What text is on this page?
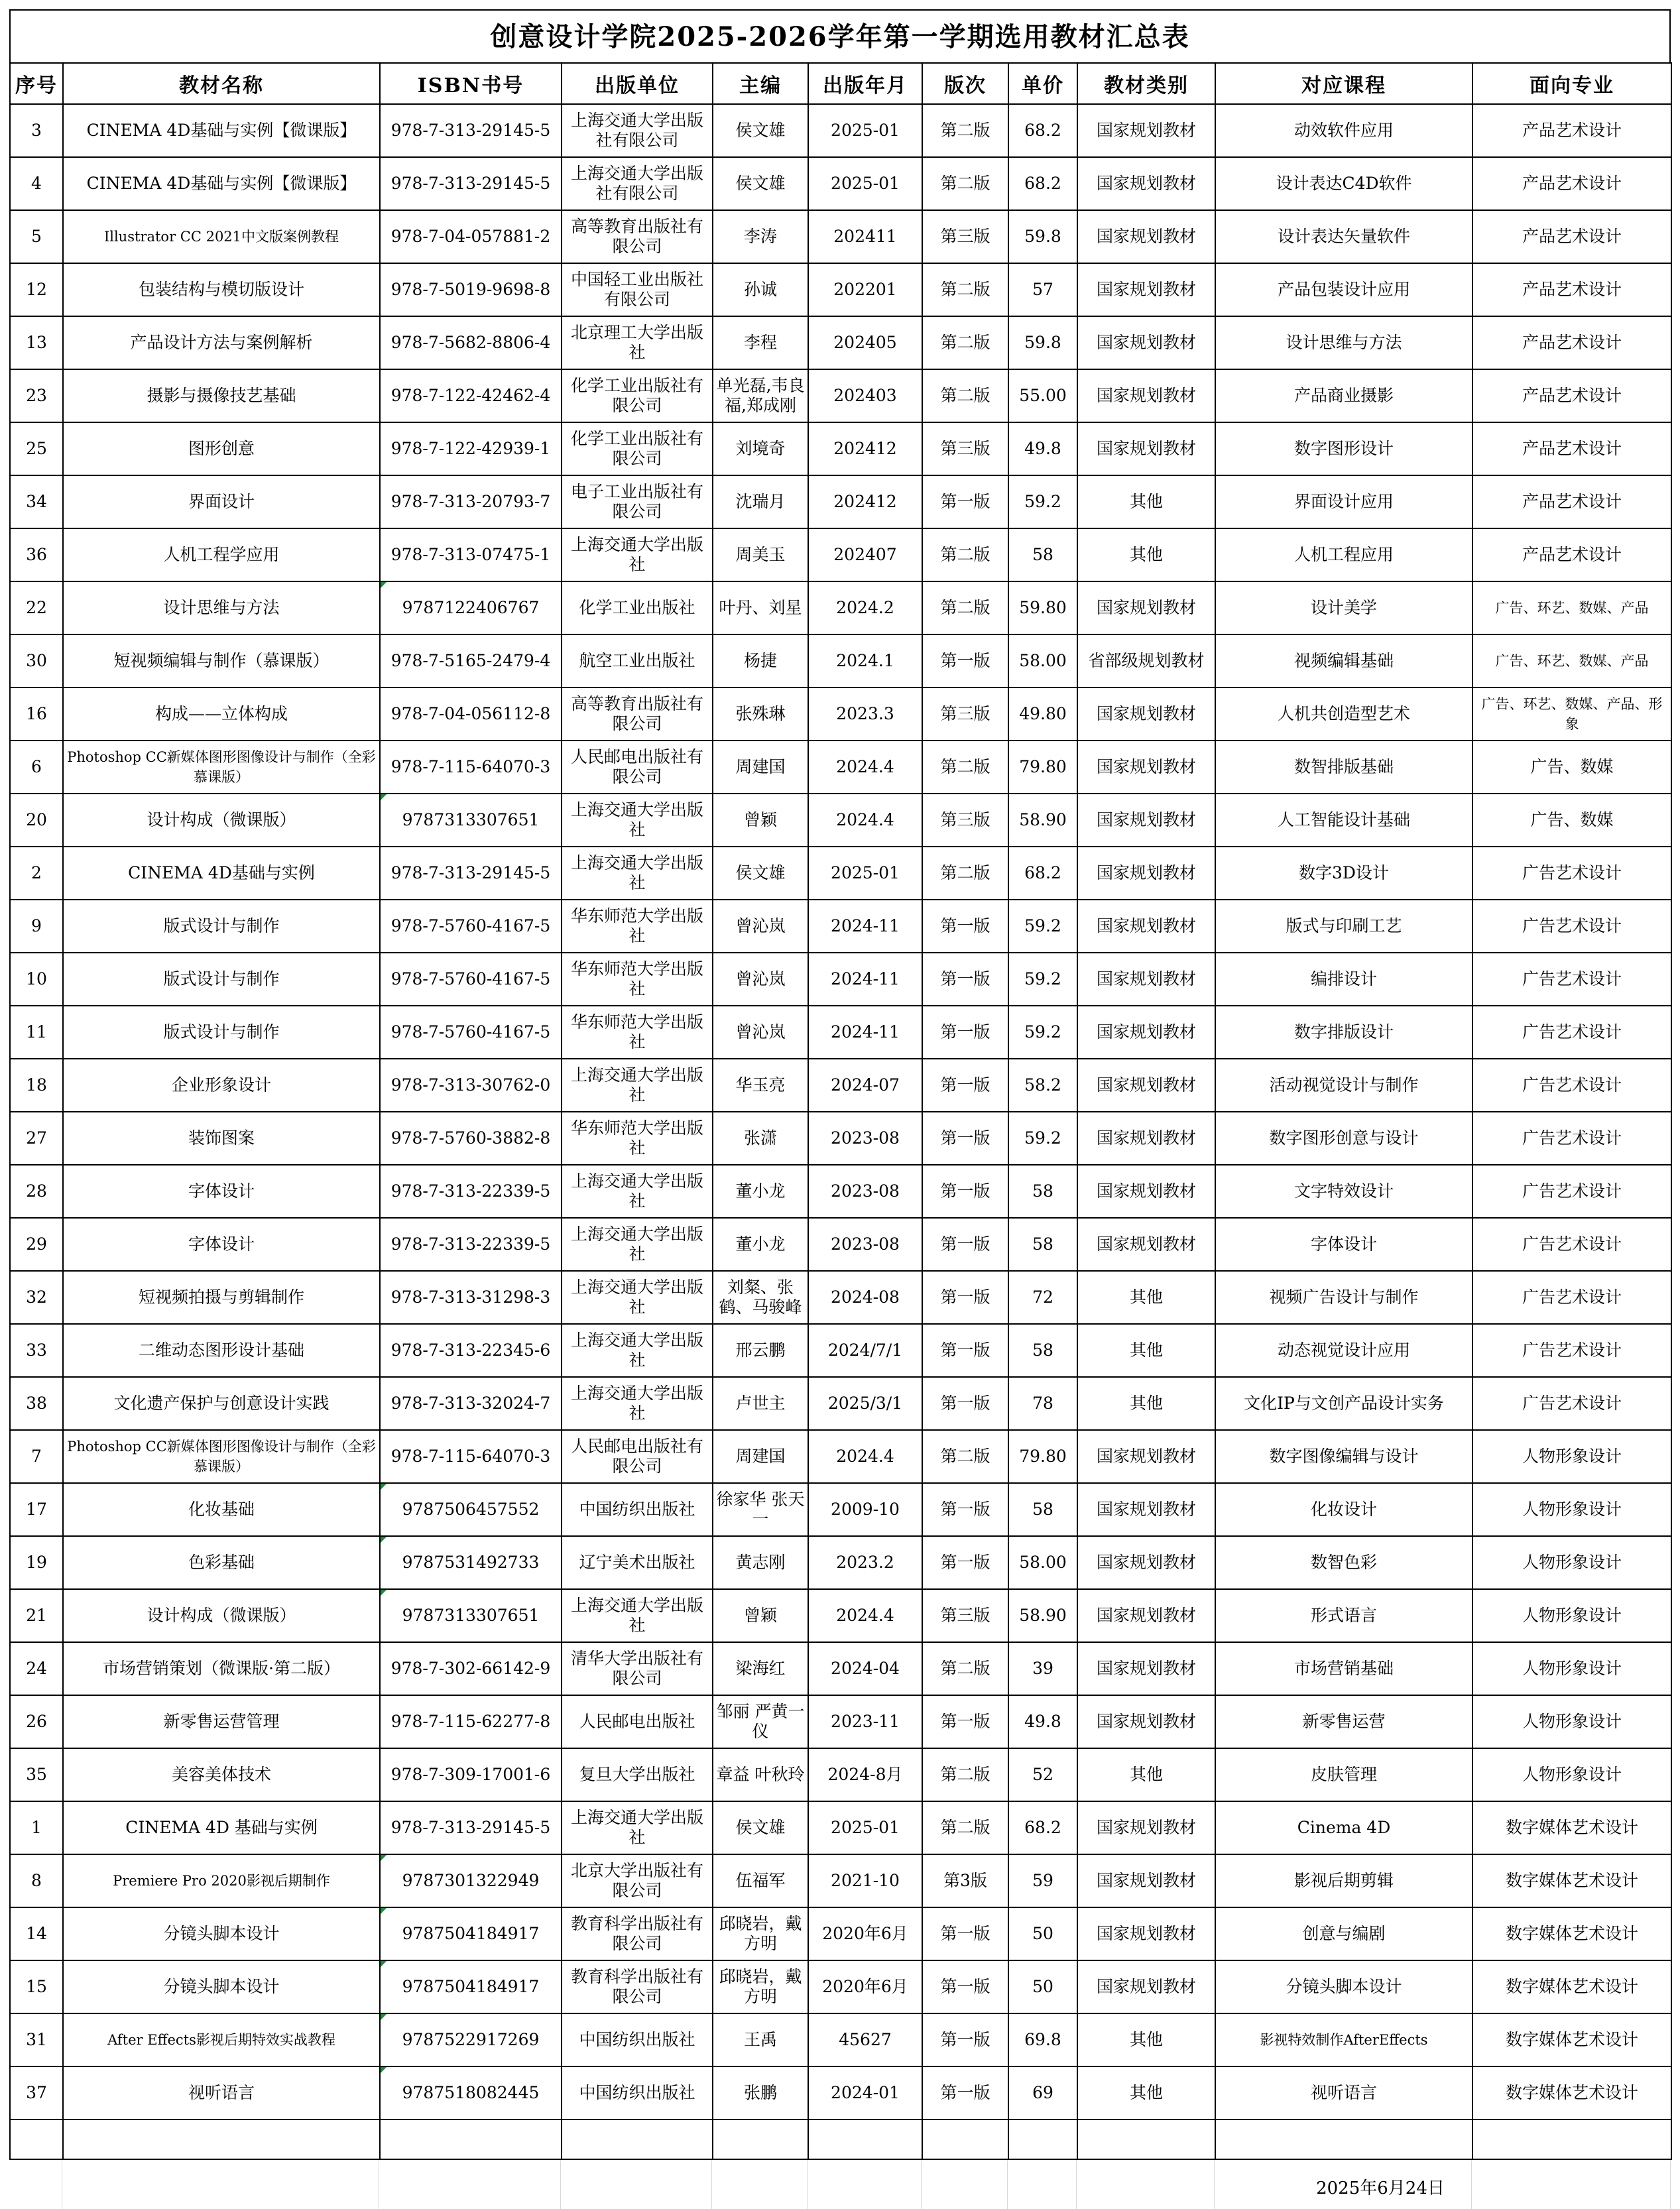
创意设计学院2025-2026学年第一学期选用教材汇总表
序号	教材名称	ISBN书号	出版单位	主编	出版年月	版次	单价	教材类别	对应课程	面向专业
3	CINEMA 4D基础与实例【微课版】	978-7-313-29145-5	上海交通大学出版社有限公司	侯文雄	2025-01	第二版	68.2	国家规划教材	动效软件应用	产品艺术设计
4	CINEMA 4D基础与实例【微课版】	978-7-313-29145-5	上海交通大学出版社有限公司	侯文雄	2025-01	第二版	68.2	国家规划教材	设计表达C4D软件	产品艺术设计
5	Illustrator CC 2021中文版案例教程	978-7-04-057881-2	高等教育出版社有限公司	李涛	202411	第三版	59.8	国家规划教材	设计表达矢量软件	产品艺术设计
12	包装结构与模切版设计	978-7-5019-9698-8	中国轻工业出版社有限公司	孙诚	202201	第二版	57	国家规划教材	产品包装设计应用	产品艺术设计
13	产品设计方法与案例解析	978-7-5682-8806-4	北京理工大学出版社	李程	202405	第二版	59.8	国家规划教材	设计思维与方法	产品艺术设计
23	摄影与摄像技艺基础	978-7-122-42462-4	化学工业出版社有限公司	单光磊,韦良福,郑成刚	202403	第二版	55.00	国家规划教材	产品商业摄影	产品艺术设计
25	图形创意	978-7-122-42939-1	化学工业出版社有限公司	刘境奇	202412	第三版	49.8	国家规划教材	数字图形设计	产品艺术设计
34	界面设计	978-7-313-20793-7	电子工业出版社有限公司	沈瑞月	202412	第一版	59.2	其他	界面设计应用	产品艺术设计
36	人机工程学应用	978-7-313-07475-1	上海交通大学出版社	周美玉	202407	第二版	58	其他	人机工程应用	产品艺术设计
22	设计思维与方法	9787122406767	化学工业出版社	叶丹、刘星	2024.2	第二版	59.80	国家规划教材	设计美学	广告、环艺、数媒、产品
30	短视频编辑与制作（慕课版）	978-7-5165-2479-4	航空工业出版社	杨捷	2024.1	第一版	58.00	省部级规划教材	视频编辑基础	广告、环艺、数媒、产品
16	构成——立体构成	978-7-04-056112-8	高等教育出版社有限公司	张殊琳	2023.3	第三版	49.80	国家规划教材	人机共创造型艺术	广告、环艺、数媒、产品、形象
6	Photoshop CC新媒体图形图像设计与制作（全彩慕课版）	978-7-115-64070-3	人民邮电出版社有限公司	周建国	2024.4	第二版	79.80	国家规划教材	数智排版基础	广告、数媒
20	设计构成（微课版）	9787313307651	上海交通大学出版社	曾颖	2024.4	第三版	58.90	国家规划教材	人工智能设计基础	广告、数媒
2	CINEMA 4D基础与实例	978-7-313-29145-5	上海交通大学出版社	侯文雄	2025-01	第二版	68.2	国家规划教材	数字3D设计	广告艺术设计
9	版式设计与制作	978-7-5760-4167-5	华东师范大学出版社	曾沁岚	2024-11	第一版	59.2	国家规划教材	版式与印刷工艺	广告艺术设计
10	版式设计与制作	978-7-5760-4167-5	华东师范大学出版社	曾沁岚	2024-11	第一版	59.2	国家规划教材	编排设计	广告艺术设计
11	版式设计与制作	978-7-5760-4167-5	华东师范大学出版社	曾沁岚	2024-11	第一版	59.2	国家规划教材	数字排版设计	广告艺术设计
18	企业形象设计	978-7-313-30762-0	上海交通大学出版社	华玉亮	2024-07	第一版	58.2	国家规划教材	活动视觉设计与制作	广告艺术设计
27	装饰图案	978-7-5760-3882-8	华东师范大学出版社	张潇	2023-08	第一版	59.2	国家规划教材	数字图形创意与设计	广告艺术设计
28	字体设计	978-7-313-22339-5	上海交通大学出版社	董小龙	2023-08	第一版	58	国家规划教材	文字特效设计	广告艺术设计
29	字体设计	978-7-313-22339-5	上海交通大学出版社	董小龙	2023-08	第一版	58	国家规划教材	字体设计	广告艺术设计
32	短视频拍摄与剪辑制作	978-7-313-31298-3	上海交通大学出版社	刘粲、张鹤、马骏峰	2024-08	第一版	72	其他	视频广告设计与制作	广告艺术设计
33	二维动态图形设计基础	978-7-313-22345-6	上海交通大学出版社	邢云鹏	2024/7/1	第一版	58	其他	动态视觉设计应用	广告艺术设计
38	文化遗产保护与创意设计实践	978-7-313-32024-7	上海交通大学出版社	卢世主	2025/3/1	第一版	78	其他	文化IP与文创产品设计实务	广告艺术设计
7	Photoshop CC新媒体图形图像设计与制作（全彩慕课版）	978-7-115-64070-3	人民邮电出版社有限公司	周建国	2024.4	第二版	79.80	国家规划教材	数字图像编辑与设计	人物形象设计
17	化妆基础	9787506457552	中国纺织出版社	徐家华 张天一	2009-10	第一版	58	国家规划教材	化妆设计	人物形象设计
19	色彩基础	9787531492733	辽宁美术出版社	黄志刚	2023.2	第一版	58.00	国家规划教材	数智色彩	人物形象设计
21	设计构成（微课版）	9787313307651	上海交通大学出版社	曾颖	2024.4	第三版	58.90	国家规划教材	形式语言	人物形象设计
24	市场营销策划（微课版·第二版）	978-7-302-66142-9	清华大学出版社有限公司	梁海红	2024-04	第二版	39	国家规划教材	市场营销基础	人物形象设计
26	新零售运营管理	978-7-115-62277-8	人民邮电出版社	邹丽 严黄一仪	2023-11	第一版	49.8	国家规划教材	新零售运营	人物形象设计
35	美容美体技术	978-7-309-17001-6	复旦大学出版社	章益 叶秋玲	2024-8月	第二版	52	其他	皮肤管理	人物形象设计
1	CINEMA 4D 基础与实例	978-7-313-29145-5	上海交通大学出版社	侯文雄	2025-01	第二版	68.2	国家规划教材	Cinema 4D	数字媒体艺术设计
8	Premiere Pro 2020影视后期制作	9787301322949	北京大学出版社有限公司	伍福军	2021-10	第3版	59	国家规划教材	影视后期剪辑	数字媒体艺术设计
14	分镜头脚本设计	9787504184917	教育科学出版社有限公司	邱晓岩，戴方明	2020年6月	第一版	50	国家规划教材	创意与编剧	数字媒体艺术设计
15	分镜头脚本设计	9787504184917	教育科学出版社有限公司	邱晓岩，戴方明	2020年6月	第一版	50	国家规划教材	分镜头脚本设计	数字媒体艺术设计
31	After Effects影视后期特效实战教程	9787522917269	中国纺织出版社	王禹	45627	第一版	69.8	其他	影视特效制作AfterEffects	数字媒体艺术设计
37	视听语言	9787518082445	中国纺织出版社	张鹏	2024-01	第一版	69	其他	视听语言	数字媒体艺术设计

2025年6月24日
